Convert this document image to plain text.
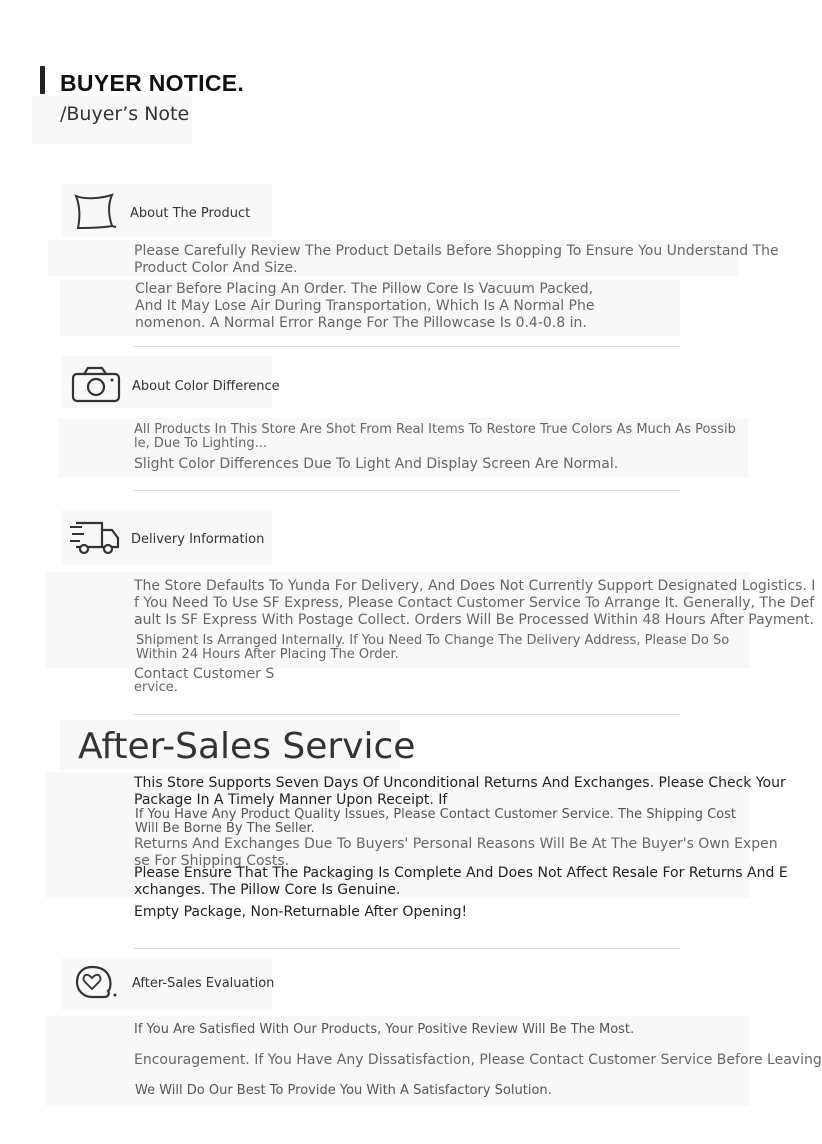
BUYER NOTICE.
/Buyer’s Note
About The Product
Please Carefully Review The Product Details Before Shopping To Ensure You Understand The
Product Color And Size.
Clear Before Placing An Order. The Pillow Core Is Vacuum Packed,
And It May Lose Air During Transportation, Which Is A Normal Phe
nomenon. A Normal Error Range For The Pillowcase Is 0.4-0.8 in.
About Color Difference
All Products In This Store Are Shot From Real Items To Restore True Colors As Much As Possib
le, Due To Lighting...
Slight Color Differences Due To Light And Display Screen Are Normal.
Delivery Information
The Store Defaults To Yunda For Delivery, And Does Not Currently Support Designated Logistics. I
f You Need To Use SF Express, Please Contact Customer Service To Arrange It. Generally, The Def
ault Is SF Express With Postage Collect. Orders Will Be Processed Within 48 Hours After Payment.
Shipment Is Arranged Internally. If You Need To Change The Delivery Address, Please Do So
Within 24 Hours After Placing The Order.
Contact Customer S
ervice.
After-Sales Service
This Store Supports Seven Days Of Unconditional Returns And Exchanges. Please Check Your
Package In A Timely Manner Upon Receipt. If
If You Have Any Product Quality Issues, Please Contact Customer Service. The Shipping Cost
Will Be Borne By The Seller.
Returns And Exchanges Due To Buyers' Personal Reasons Will Be At The Buyer's Own Expen
se For Shipping Costs.
Please Ensure That The Packaging Is Complete And Does Not Affect Resale For Returns And E
xchanges. The Pillow Core Is Genuine.
Empty Package, Non-Returnable After Opening!
After-Sales Evaluation
If You Are Satisfied With Our Products, Your Positive Review Will Be The Most.
Encouragement. If You Have Any Dissatisfaction, Please Contact Customer Service Before Leaving
We Will Do Our Best To Provide You With A Satisfactory Solution.
